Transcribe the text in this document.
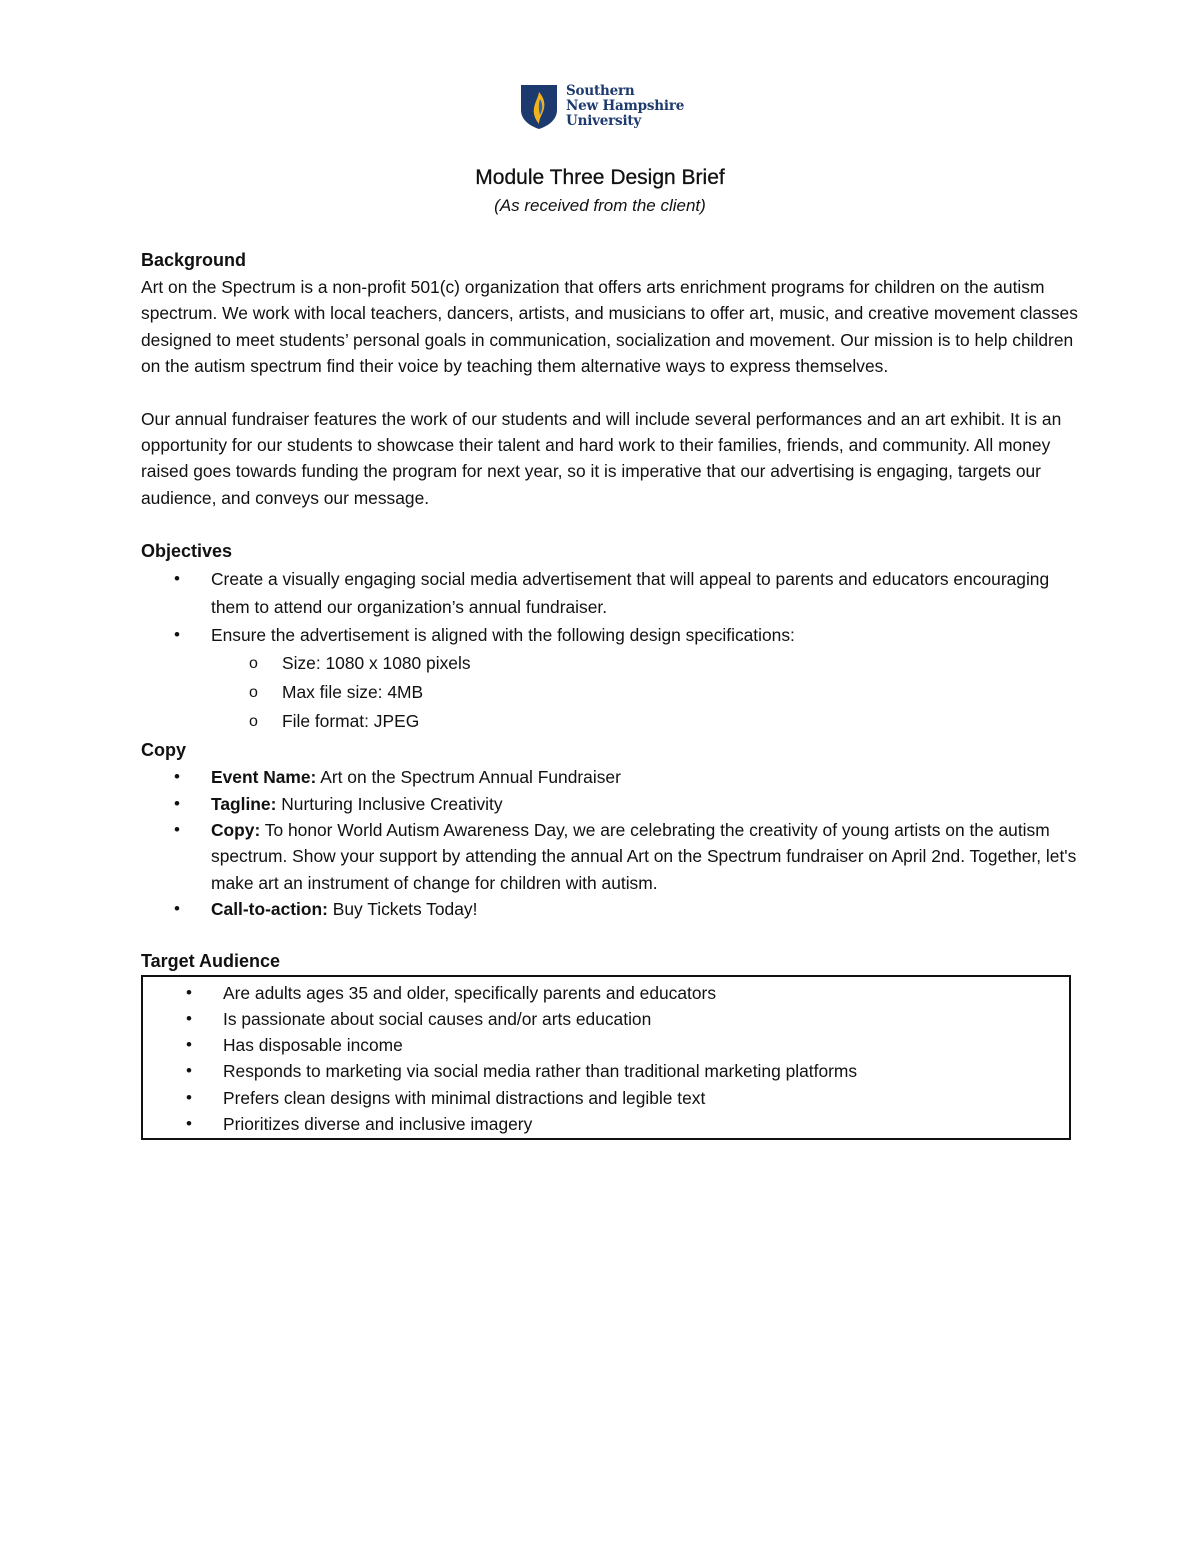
Southern
New Hampshire
University
Module Three Design Brief
(As received from the client)

Background

Art on the Spectrum is a non-profit 501(c) organization that offers arts enrichment programs for children on the autism spectrum. We work with local teachers, dancers, artists, and musicians to offer art, music, and creative movement classes designed to meet students’ personal goals in communication, socialization and movement. Our mission is to help children on the autism spectrum find their voice by teaching them alternative ways to express themselves.

Our annual fundraiser features the work of our students and will include several performances and an art exhibit. It is an opportunity for our students to showcase their talent and hard work to their families, friends, and community. All money raised goes towards funding the program for next year, so it is imperative that our advertising is engaging, targets our audience, and conveys our message.

Objectives

• Create a visually engaging social media advertisement that will appeal to parents and educators encouraging them to attend our organization’s annual fundraiser.
• Ensure the advertisement is aligned with the following design specifications:
o Size: 1080 x 1080 pixels
o Max file size: 4MB
o File format: JPEG

Copy

• Event Name: Art on the Spectrum Annual Fundraiser
• Tagline: Nurturing Inclusive Creativity
• Copy: To honor World Autism Awareness Day, we are celebrating the creativity of young artists on the autism spectrum. Show your support by attending the annual Art on the Spectrum fundraiser on April 2nd. Together, let's make art an instrument of change for children with autism.
• Call-to-action: Buy Tickets Today!

Target Audience

• Are adults ages 35 and older, specifically parents and educators
• Is passionate about social causes and/or arts education
• Has disposable income
• Responds to marketing via social media rather than traditional marketing platforms
• Prefers clean designs with minimal distractions and legible text
• Prioritizes diverse and inclusive imagery
